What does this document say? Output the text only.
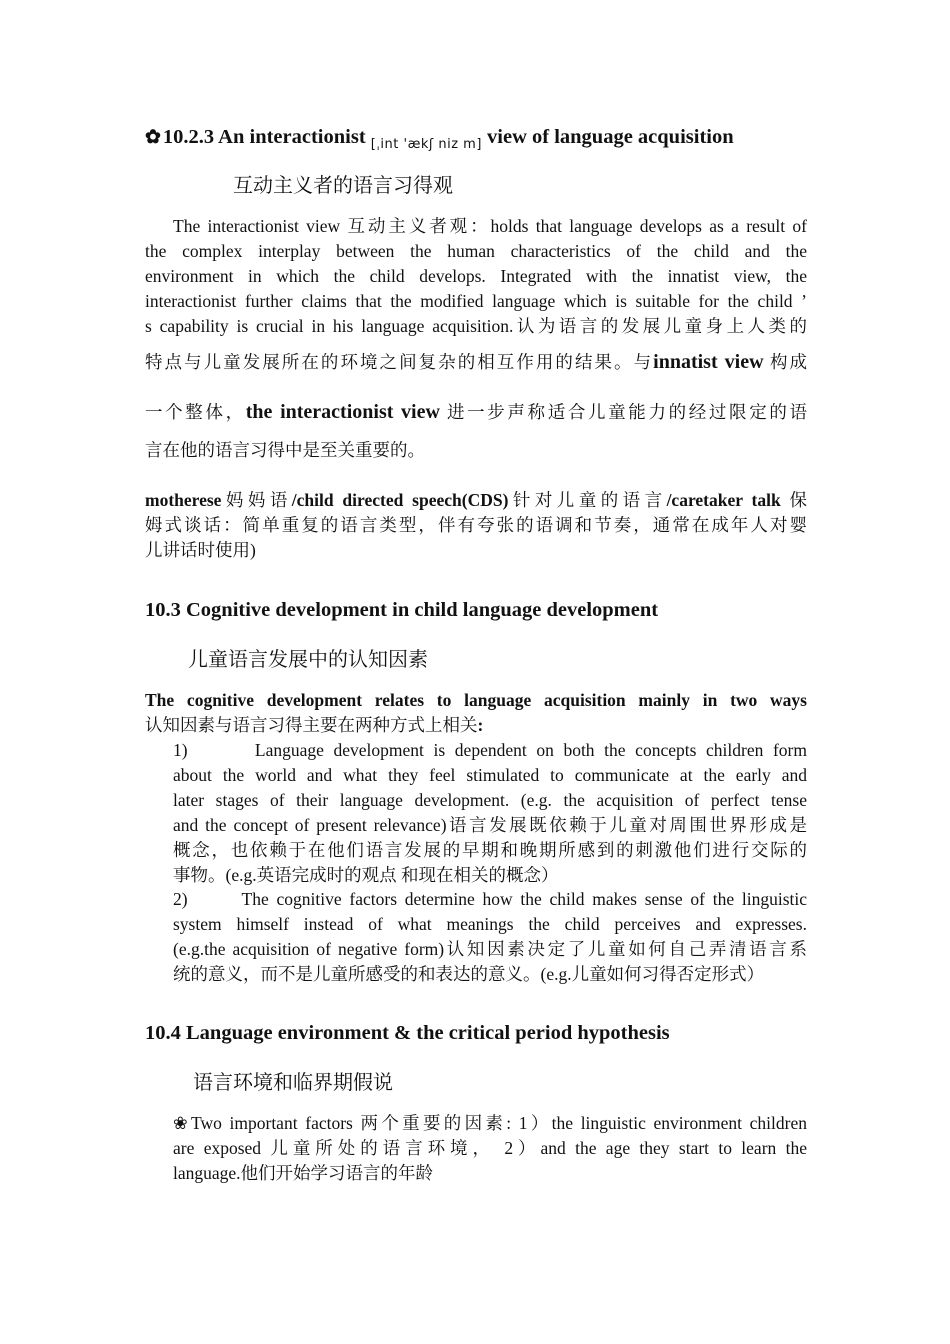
✿10.2.3 An interactionist $_{[ˌint 'ækʃ niz m]}$ view of language acquisition
互动主义者的语言习得观
The interactionist view 互动主义者观：holds that language develops as a result of
the complex interplay between the human characteristics of the child and the
environment in which the child develops. Integrated with the innatist view, the
interactionist further claims that the modified language which is suitable for the child ’
s capability is crucial in his language acquisition.认为语言的发展儿童身上人类的
特点与儿童发展所在的环境之间复杂的相互作用的结果。与innatist view 构成
一个整体，the interactionist view 进一步声称适合儿童能力的经过限定的语
言在他的语言习得中是至关重要的。
motherese妈妈语/child directed speech(CDS)针对儿童的语言/caretaker talk 保
姆式谈话：简单重复的语言类型，伴有夸张的语调和节奏，通常在成年人对婴
儿讲话时使用)
10.3 Cognitive development in child language development
儿童语言发展中的认知因素
The cognitive development relates to language acquisition mainly in two ways
认知因素与语言习得主要在两种方式上相关:
1)       Language development is dependent on both the concepts children form
about the world and what they feel stimulated to communicate at the early and
later stages of their language development. (e.g. the acquisition of perfect tense
and the concept of present relevance)语言发展既依赖于儿童对周围世界形成是
概念，也依赖于在他们语言发展的早期和晚期所感到的刺激他们进行交际的
事物。(e.g.英语完成时的观点 和现在相关的概念）
2)       The cognitive factors determine how the child makes sense of the linguistic
system himself instead of what meanings the child perceives and expresses.
(e.g.the acquisition of negative form)认知因素决定了儿童如何自己弄清语言系
统的意义，而不是儿童所感受的和表达的意义。(e.g.儿童如何习得否定形式）
10.4 Language environment & the critical period hypothesis
语言环境和临界期假说
❀Two important factors 两个重要的因素: 1）the linguistic environment children
are exposed 儿童所处的语言环境， 2）and the age they start to learn the
language.他们开始学习语言的年龄
